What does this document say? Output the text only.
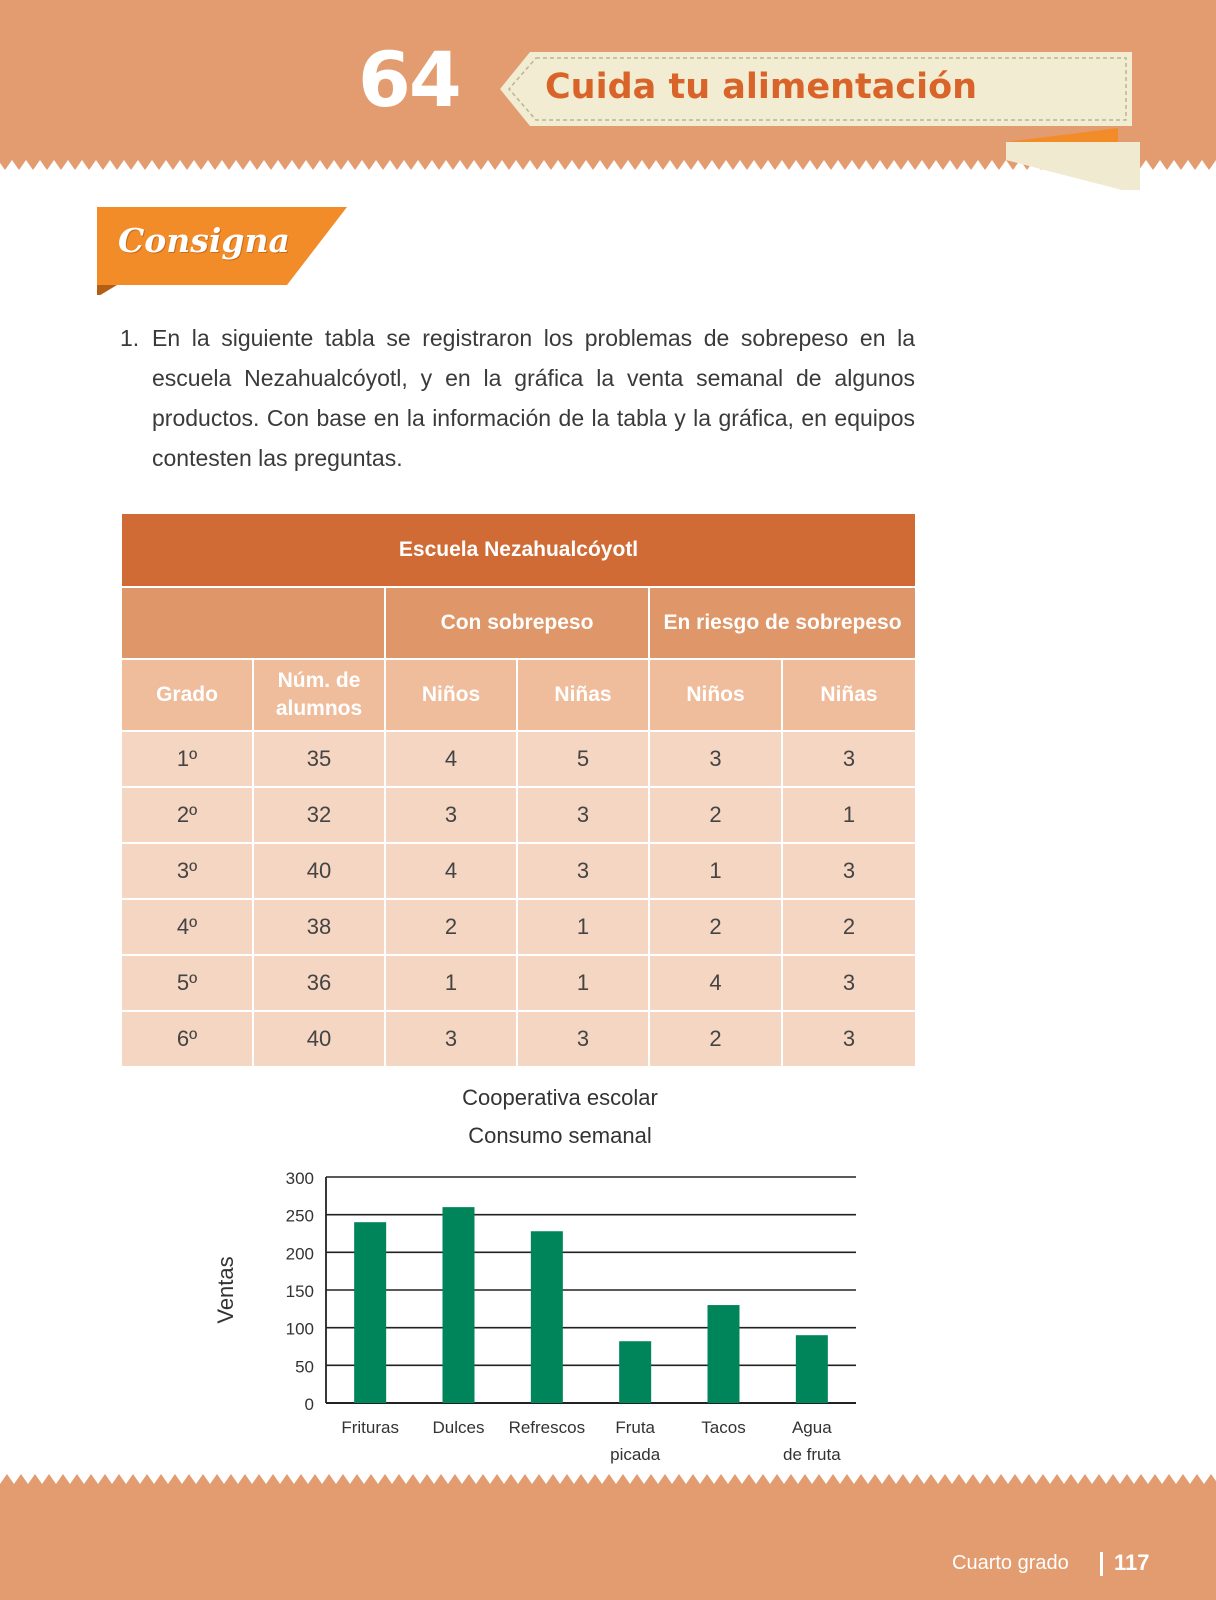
64	Cuida tu alimentación
Consigna
1. En la siguiente tabla se registraron los problemas de sobrepeso en la escuela Nezahualcóyotl, y en la gráfica la venta semanal de algunos productos. Con base en la información de la tabla y la gráfica, en equipos contesten las preguntas.
Escuela Nezahualcóyotl					
		Con sobrepeso		En riesgo de sobrepeso	
Grado	Núm. de alumnos	Niños	Niñas	Niños	Niñas
1º	35	4	5	3	3
2º	32	3	3	2	1
3º	40	4	3	1	3
4º	38	2	1	2	2
5º	36	1	1	4	3
6º	40	3	3	2	3
Cooperativa escolar
Consumo semanal
0
50
100
150
200
250
300
Ventas
Frituras Dulces Refrescos Fruta
picada
Tacos	Agua
de fruta
Cuarto grado 117
